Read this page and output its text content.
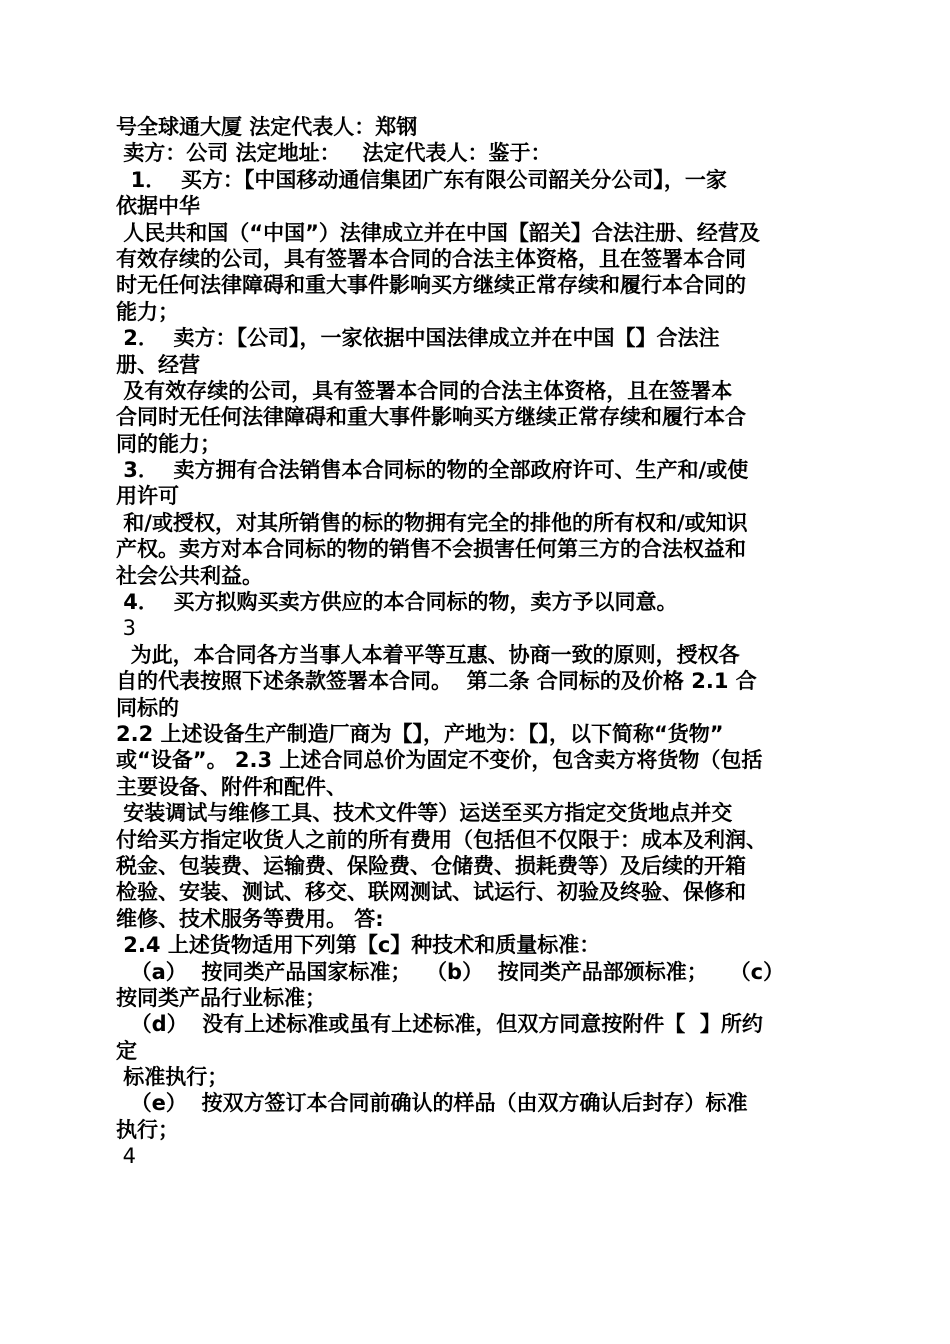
号全球通大厦 法定代表人：郑钢
卖方：公司 法定地址：   法定代表人：鉴于：
1．  买方：【中国移动通信集团广东有限公司韶关分公司】，一家
依据中华
人民共和国（“中国”）法律成立并在中国【韶关】合法注册、经营及
有效存续的公司，具有签署本合同的合法主体资格，且在签署本合同
时无任何法律障碍和重大事件影响买方继续正常存续和履行本合同的
能力；
2．  卖方：【公司】，一家依据中国法律成立并在中国【】合法注
册、经营
及有效存续的公司，具有签署本合同的合法主体资格，且在签署本
合同时无任何法律障碍和重大事件影响买方继续正常存续和履行本合
同的能力；
3．  卖方拥有合法销售本合同标的物的全部政府许可、生产和/或使
用许可
和/或授权，对其所销售的标的物拥有完全的排他的所有权和/或知识
产权。卖方对本合同标的物的销售不会损害任何第三方的合法权益和
社会公共利益。
4．  买方拟购买卖方供应的本合同标的物，卖方予以同意。
3
为此，本合同各方当事人本着平等互惠、协商一致的原则，授权各
自的代表按照下述条款签署本合同。  第二条 合同标的及价格 2.1 合
同标的
2.2 上述设备生产制造厂商为【】，产地为：【】，以下简称“货物”
或“设备”。 2.3 上述合同总价为固定不变价，包含卖方将货物（包括
主要设备、附件和配件、
安装调试与维修工具、技术文件等）运送至买方指定交货地点并交
付给买方指定收货人之前的所有费用（包括但不仅限于：成本及利润、
税金、包装费、运输费、保险费、仓储费、损耗费等）及后续的开箱
检验、安装、测试、移交、联网测试、试运行、初验及终验、保修和
维修、技术服务等费用。 答:
2.4 上述货物适用下列第【c】种技术和质量标准：
（a）  按同类产品国家标准；  （b）  按同类产品部颁标准；   （c）
按同类产品行业标准；
（d）  没有上述标准或虽有上述标准，但双方同意按附件【  】所约
定
标准执行；
（e）  按双方签订本合同前确认的样品（由双方确认后封存）标准
执行；
4
